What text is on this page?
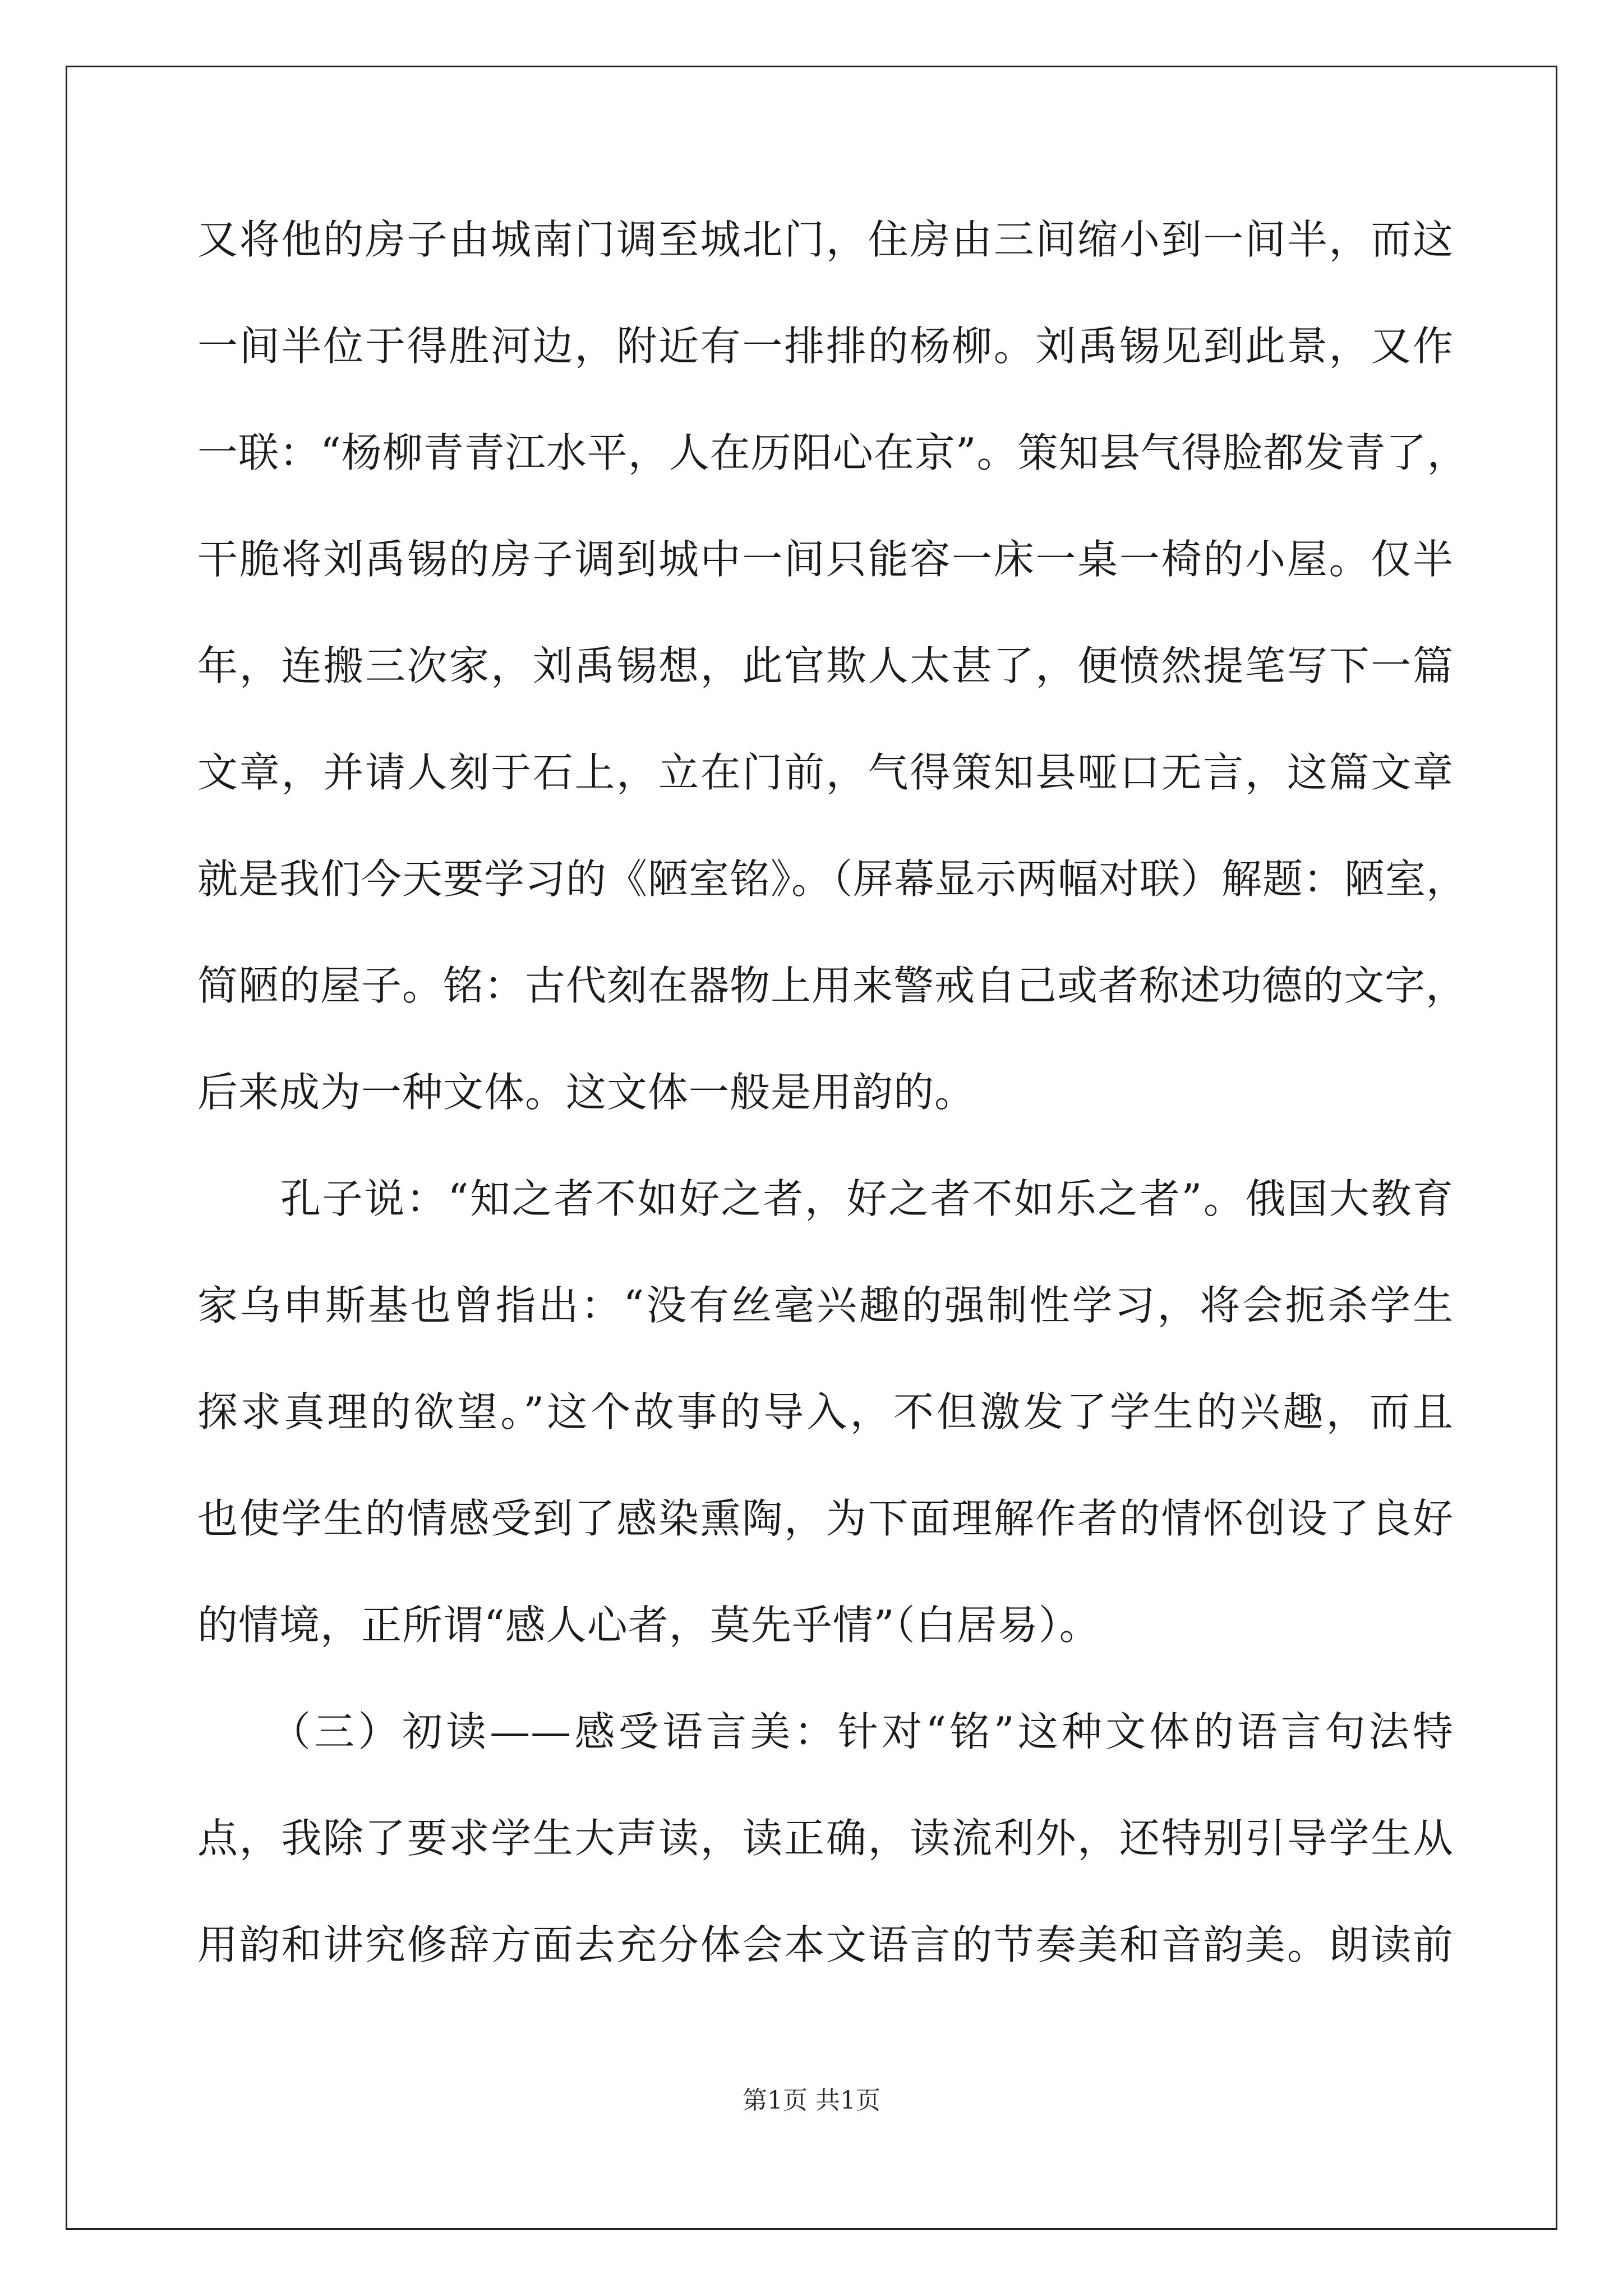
又将他的房子由城南门调至城北门，住房由三间缩小到一间半，而这
一间半位于得胜河边，附近有一排排的杨柳。刘禹锡见到此景，又作
一联：“杨柳青青江水平，人在历阳心在京”。策知县气得脸都发青了，
干脆将刘禹锡的房子调到城中一间只能容一床一桌一椅的小屋。仅半
年，连搬三次家，刘禹锡想，此官欺人太甚了，便愤然提笔写下一篇
文章，并请人刻于石上，立在门前，气得策知县哑口无言，这篇文章
就是我们今天要学习的《陋室铭》。（屏幕显示两幅对联）解题：陋室，
简陋的屋子。铭：古代刻在器物上用来警戒自己或者称述功德的文字，
后来成为一种文体。这文体一般是用韵的。
孔子说：“知之者不如好之者，好之者不如乐之者”。俄国大教育
家乌申斯基也曾指出：“没有丝毫兴趣的强制性学习，将会扼杀学生
探求真理的欲望。”这个故事的导入，不但激发了学生的兴趣，而且
也使学生的情感受到了感染熏陶，为下面理解作者的情怀创设了良好
的情境，正所谓“感人心者，莫先乎情”（白居易）。
（三）初读——感受语言美：针对“铭”这种文体的语言句法特
点，我除了要求学生大声读，读正确，读流利外，还特别引导学生从
用韵和讲究修辞方面去充分体会本文语言的节奏美和音韵美。朗读前
第1页 共1页
